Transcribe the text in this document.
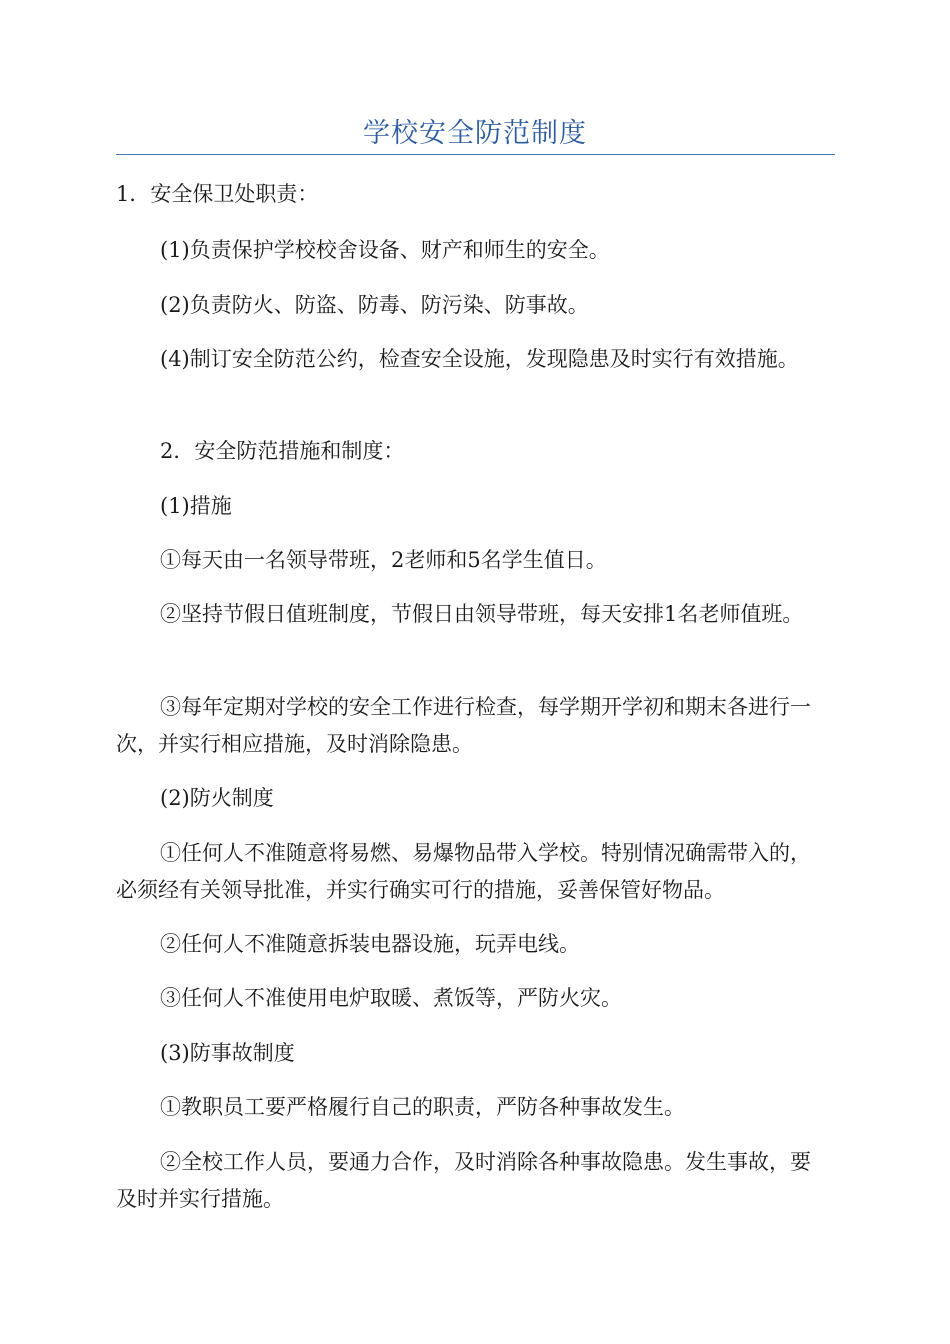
学校安全防范制度

1．安全保卫处职责：

(1)负责保护学校校舍设备、财产和师生的安全。

(2)负责防火、防盗、防毒、防污染、防事故。

(4)制订安全防范公约，检查安全设施，发现隐患及时实行有效措施。

2．安全防范措施和制度：

(1)措施

①每天由一名领导带班，2老师和5名学生值日。

②坚持节假日值班制度，节假日由领导带班，每天安排1名老师值班。

③每年定期对学校的安全工作进行检查，每学期开学初和期末各进行一次，并实行相应措施，及时消除隐患。

(2)防火制度

①任何人不准随意将易燃、易爆物品带入学校。特别情况确需带入的，必须经有关领导批准，并实行确实可行的措施，妥善保管好物品。

②任何人不准随意拆装电器设施，玩弄电线。

③任何人不准使用电炉取暖、煮饭等，严防火灾。

(3)防事故制度

①教职员工要严格履行自己的职责，严防各种事故发生。

②全校工作人员，要通力合作，及时消除各种事故隐患。发生事故，要及时并实行措施。
